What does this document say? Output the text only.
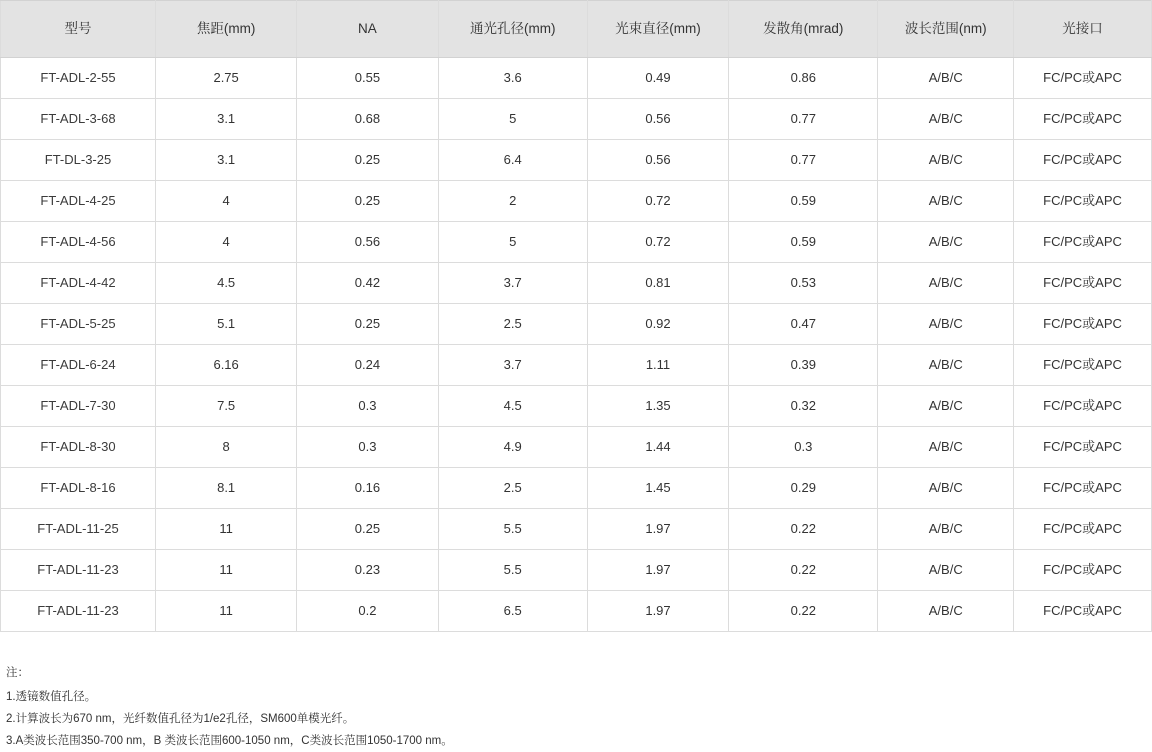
型号	焦距(mm)	NA	通光孔径(mm)	光束直径(mm)	发散角(mrad)	波长范围(nm)	光接口
FT-ADL-2-55	2.75	0.55	3.6	0.49	0.86	A/B/C	FC/PC或APC
FT-ADL-3-68	3.1	0.68	5	0.56	0.77	A/B/C	FC/PC或APC
FT-DL-3-25	3.1	0.25	6.4	0.56	0.77	A/B/C	FC/PC或APC
FT-ADL-4-25	4	0.25	2	0.72	0.59	A/B/C	FC/PC或APC
FT-ADL-4-56	4	0.56	5	0.72	0.59	A/B/C	FC/PC或APC
FT-ADL-4-42	4.5	0.42	3.7	0.81	0.53	A/B/C	FC/PC或APC
FT-ADL-5-25	5.1	0.25	2.5	0.92	0.47	A/B/C	FC/PC或APC
FT-ADL-6-24	6.16	0.24	3.7	1.11	0.39	A/B/C	FC/PC或APC
FT-ADL-7-30	7.5	0.3	4.5	1.35	0.32	A/B/C	FC/PC或APC
FT-ADL-8-30	8	0.3	4.9	1.44	0.3	A/B/C	FC/PC或APC
FT-ADL-8-16	8.1	0.16	2.5	1.45	0.29	A/B/C	FC/PC或APC
FT-ADL-11-25	11	0.25	5.5	1.97	0.22	A/B/C	FC/PC或APC
FT-ADL-11-23	11	0.23	5.5	1.97	0.22	A/B/C	FC/PC或APC
FT-ADL-11-23	11	0.2	6.5	1.97	0.22	A/B/C	FC/PC或APC
注：
1.透镜数值孔径。
2.计算波长为670 nm，光纤数值孔径为1/e2孔径，SM600单模光纤。
3.A类波长范围350-700 nm，B 类波长范围600-1050 nm，C类波长范围1050-1700 nm。
